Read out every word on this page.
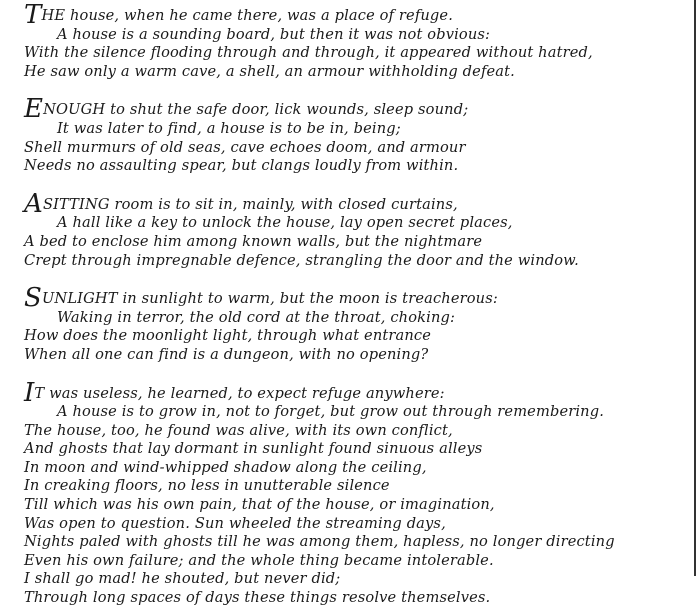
THE house, when he came there, was a place of refuge.
A house is a sounding board, but then it was not obvious:
With the silence flooding through and through, it appeared without hatred,
He saw only a warm cave, a shell, an armour withholding defeat.
ENOUGH to shut the safe door, lick wounds, sleep sound;
It was later to find, a house is to be in, being;
Shell murmurs of old seas, cave echoes doom, and armour
Needs no assaulting spear, but clangs loudly from within.
ASITTING room is to sit in, mainly, with closed curtains,
A hall like a key to unlock the house, lay open secret places,
A bed to enclose him among known walls, but the nightmare
Crept through impregnable defence, strangling the door and the window.
SUNLIGHT in sunlight to warm, but the moon is treacherous:
Waking in terror, the old cord at the throat, choking:
How does the moonlight light, through what entrance
When all one can find is a dungeon, with no opening?
IT was useless, he learned, to expect refuge anywhere:
A house is to grow in, not to forget, but grow out through remembering.
The house, too, he found was alive, with its own conflict,
And ghosts that lay dormant in sunlight found sinuous alleys
In moon and wind-whipped shadow along the ceiling,
In creaking floors, no less in unutterable silence
Till which was his own pain, that of the house, or imagination,
Was open to question. Sun wheeled the streaming days,
Nights paled with ghosts till he was among them, hapless, no longer directing
Even his own failure; and the whole thing became intolerable.
I shall go mad! he shouted, but never did;
Through long spaces of days these things resolve themselves.
